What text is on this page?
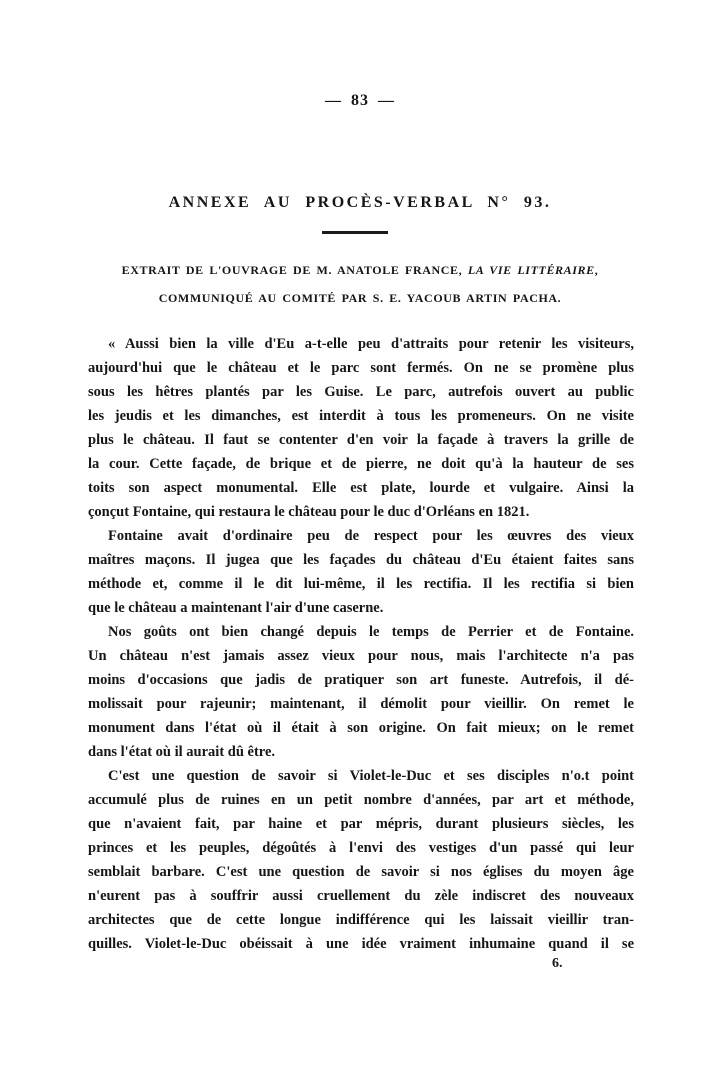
— 83 —
ANNEXE AU PROCÈS-VERBAL N° 93.
EXTRAIT DE L'OUVRAGE DE M. ANATOLE FRANCE, LA VIE LITTÉRAIRE,
COMMUNIQUÉ AU COMITÉ PAR S. E. YACOUB ARTIN PACHA.
« Aussi bien la ville d'Eu a-t-elle peu d'attraits pour retenir les visiteurs,
aujourd'hui que le château et le parc sont fermés. On ne se promène plus
sous les hêtres plantés par les Guise. Le parc, autrefois ouvert au public
les jeudis et les dimanches, est interdit à tous les promeneurs. On ne visite
plus le château. Il faut se contenter d'en voir la façade à travers la grille de
la cour. Cette façade, de brique et de pierre, ne doit qu'à la hauteur de ses
toits son aspect monumental. Elle est plate, lourde et vulgaire. Ainsi la
çonçut Fontaine, qui restaura le château pour le duc d'Orléans en 1821.
Fontaine avait d'ordinaire peu de respect pour les œuvres des vieux
maîtres maçons. Il jugea que les façades du château d'Eu étaient faites sans
méthode et, comme il le dit lui-même, il les rectifia. Il les rectifia si bien
que le château a maintenant l'air d'une caserne.
Nos goûts ont bien changé depuis le temps de Perrier et de Fontaine.
Un château n'est jamais assez vieux pour nous, mais l'architecte n'a pas
moins d'occasions que jadis de pratiquer son art funeste. Autrefois, il dé-
molissait pour rajeunir; maintenant, il démolit pour vieillir. On remet le
monument dans l'état où il était à son origine. On fait mieux; on le remet
dans l'état où il aurait dû être.
C'est une question de savoir si Violet-le-Duc et ses disciples n'o.t point
accumulé plus de ruines en un petit nombre d'années, par art et méthode,
que n'avaient fait, par haine et par mépris, durant plusieurs siècles, les
princes et les peuples, dégoûtés à l'envi des vestiges d'un passé qui leur
semblait barbare. C'est une question de savoir si nos églises du moyen âge
n'eurent pas à souffrir aussi cruellement du zèle indiscret des nouveaux
architectes que de cette longue indifférence qui les laissait vieillir tran-
quilles. Violet-le-Duc obéissait à une idée vraiment inhumaine quand il se
6.
